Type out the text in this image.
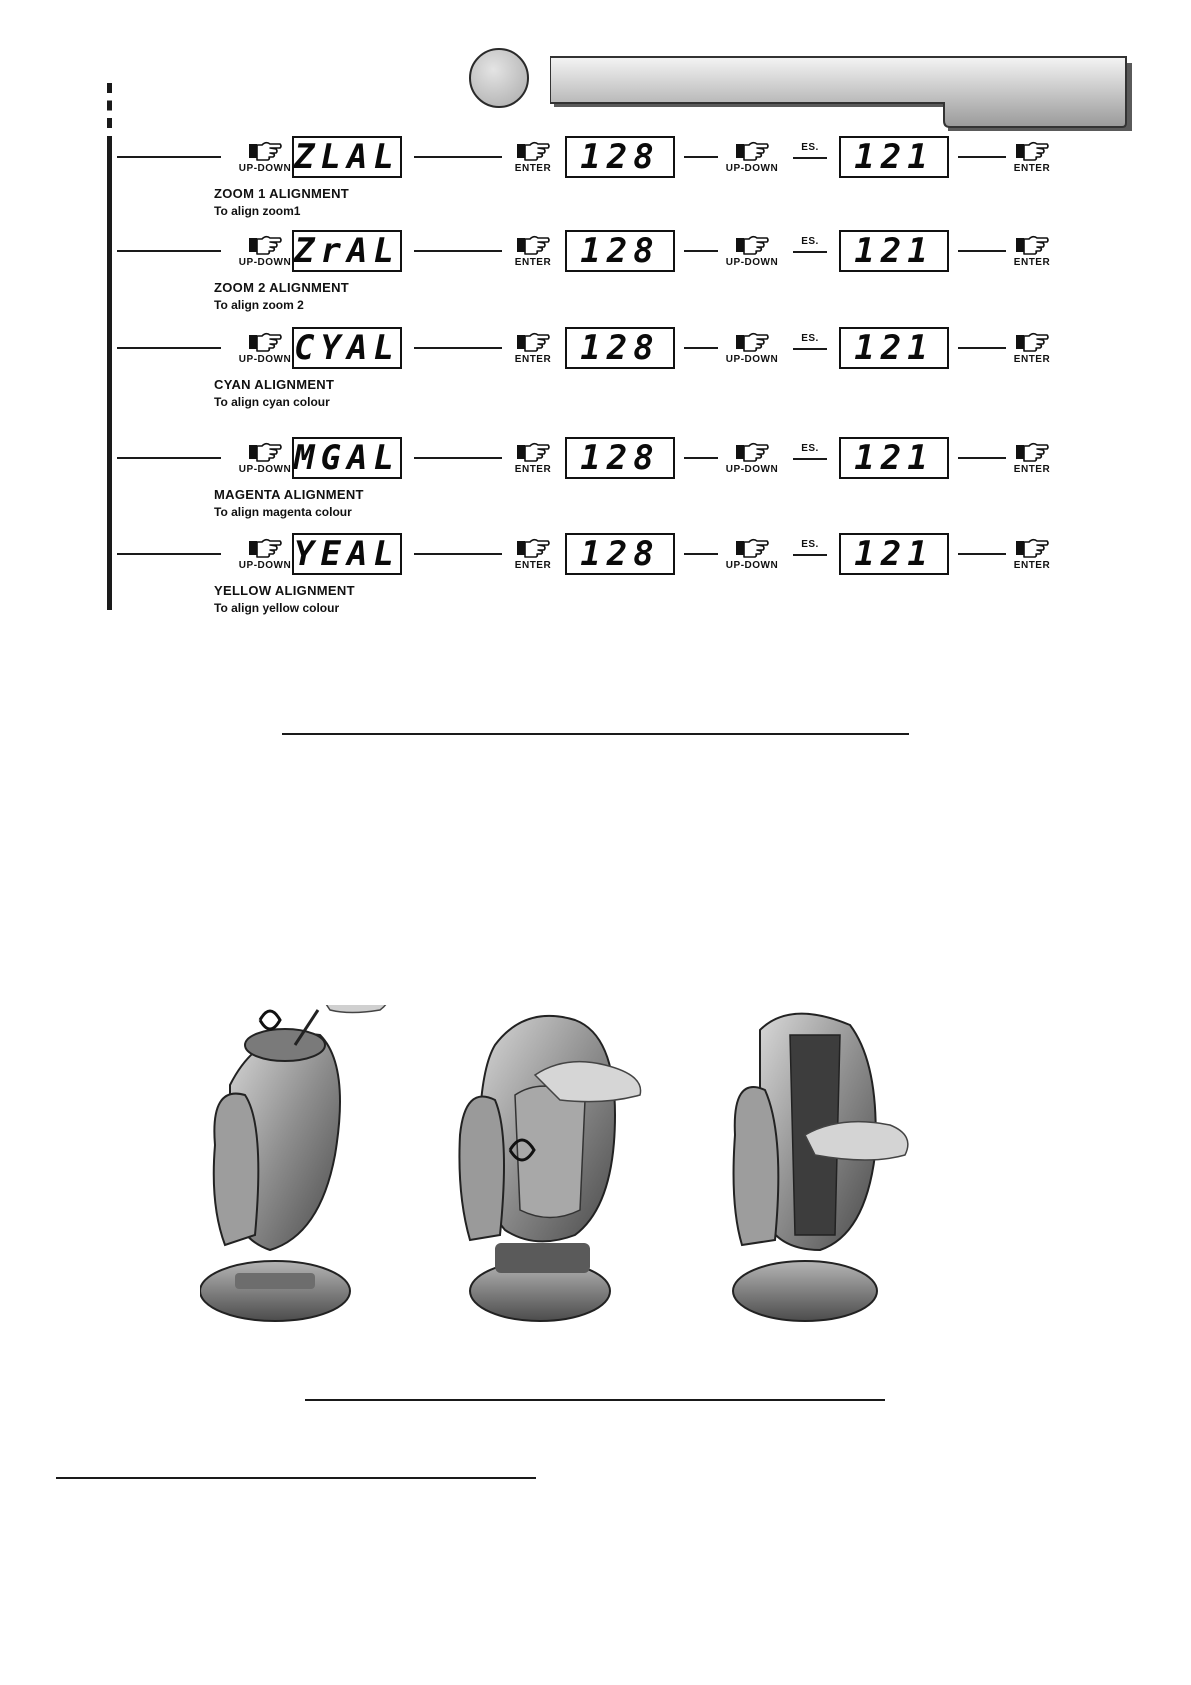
UP-DOWN ZLAL	ENTER 128	UP-DOWN
ES.	121	ENTER
ZOOM 1 ALIGNMENT
To align zoom1
UP-DOWN ZrAL	ENTER 128	UP-DOWN
ES.	121	ENTER
ZOOM 2 ALIGNMENT
To align zoom 2
UP-DOWN CYAL	ENTER 128	UP-DOWN
ES.	121	ENTER
CYAN ALIGNMENT
To align cyan colour
UP-DOWN MGAL	ENTER 128	UP-DOWN
ES.	121	ENTER
MAGENTA ALIGNMENT
To align magenta colour
UP-DOWN YEAL	ENTER 128	UP-DOWN
ES.	121	ENTER
YELLOW ALIGNMENT
To align yellow colour
